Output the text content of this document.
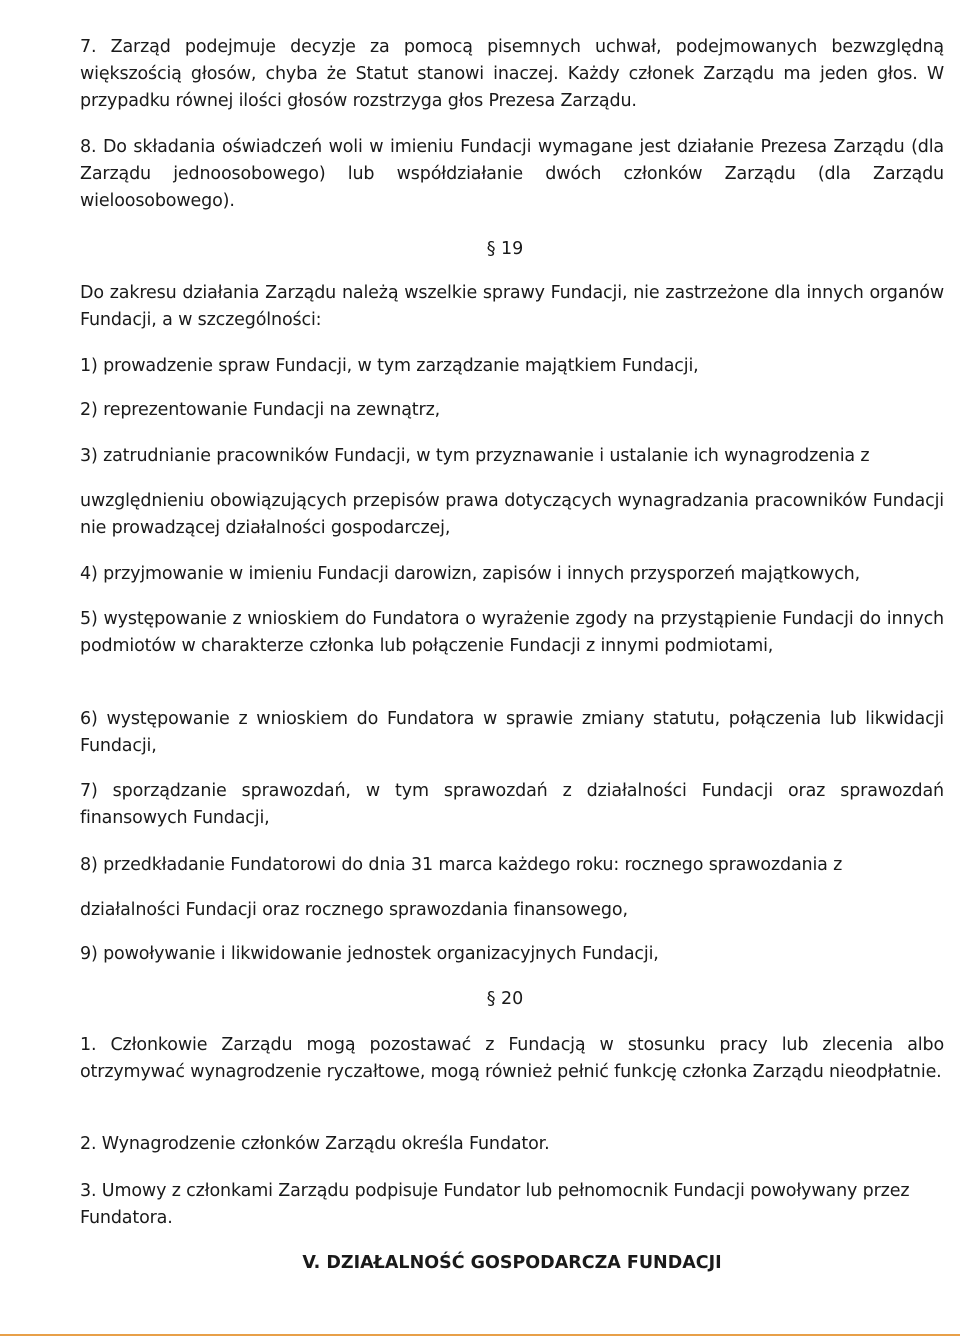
7. Zarząd podejmuje decyzje za pomocą pisemnych uchwał, podejmowanych bezwzględną większością głosów, chyba że Statut stanowi inaczej. Każdy członek Zarządu ma jeden głos. W przypadku równej ilości głosów rozstrzyga głos Prezesa Zarządu.

8. Do składania oświadczeń woli w imieniu Fundacji wymagane jest działanie Prezesa Zarządu (dla Zarządu jednoosobowego) lub współdziałanie dwóch członków Zarządu (dla Zarządu wieloosobowego).

§ 19

Do zakresu działania Zarządu należą wszelkie sprawy Fundacji, nie zastrzeżone dla innych organów Fundacji, a w szczególności:

1) prowadzenie spraw Fundacji, w tym zarządzanie majątkiem Fundacji,

2) reprezentowanie Fundacji na zewnątrz,

3) zatrudnianie pracowników Fundacji, w tym przyznawanie i ustalanie ich wynagrodzenia z

uwzględnieniu obowiązujących przepisów prawa dotyczących wynagradzania pracowników Fundacji nie prowadzącej działalności gospodarczej,

4) przyjmowanie w imieniu Fundacji darowizn, zapisów i innych przysporzeń majątkowych,

5) występowanie z wnioskiem do Fundatora o wyrażenie zgody na przystąpienie Fundacji do innych podmiotów w charakterze członka lub połączenie Fundacji z innymi podmiotami,

6) występowanie z wnioskiem do Fundatora w sprawie zmiany statutu, połączenia lub likwidacji Fundacji,

7) sporządzanie sprawozdań, w tym sprawozdań z działalności Fundacji oraz sprawozdań finansowych Fundacji,

8) przedkładanie Fundatorowi do dnia 31 marca każdego roku: rocznego sprawozdania z

działalności Fundacji oraz rocznego sprawozdania finansowego,

9) powoływanie i likwidowanie jednostek organizacyjnych Fundacji,

§ 20

1. Członkowie Zarządu mogą pozostawać z Fundacją w stosunku pracy lub zlecenia albo otrzymywać wynagrodzenie ryczałtowe, mogą również pełnić funkcję członka Zarządu nieodpłatnie.

2. Wynagrodzenie członków Zarządu określa Fundator.

3. Umowy z członkami Zarządu podpisuje Fundator lub pełnomocnik Fundacji powoływany przez Fundatora.

V. DZIAŁALNOŚĆ GOSPODARCZA FUNDACJI
